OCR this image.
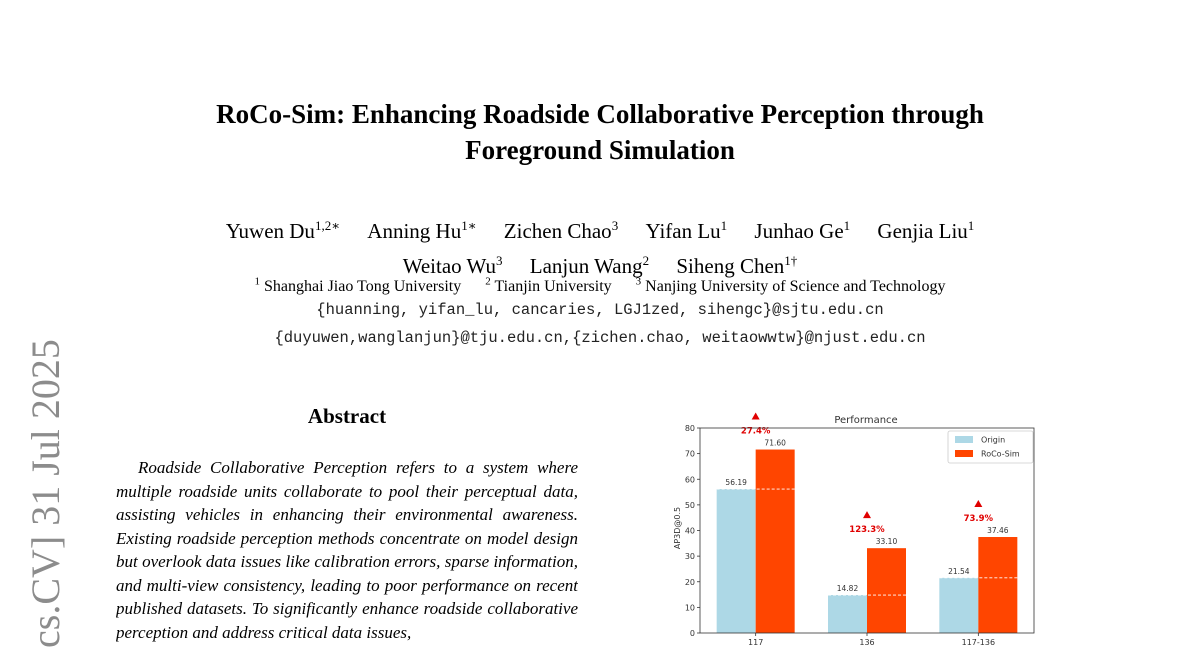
cs.CV] 31 Jul 2025
RoCo-Sim: Enhancing Roadside Collaborative Perception through
Foreground Simulation
Yuwen $Du^{1,2∗}$ Anning $Hu^{1∗}$ Zichen Chao$^3$ Yifan Lu$^1$ Junhao Ge$^1$ Genjia Liu$^1$
Weitao Wu$^3$ Lanjun Wang$^2$ Siheng Chen$^{1\dagger}$
$^1$ Shanghai Jiao Tong University $^2$ Tianjin University $^3$ Nanjing University of Science and Technology
{huanning, yifan_lu, cancaries, LGJ1zed, sihengc}@sjtu.edu.cn
{duyuwen,wanglanjun}@tju.edu.cn,{zichen.chao, weitaowwtw}@njust.edu.cn
Abstract
Roadside Collaborative Perception refers to a system where multiple roadside units collaborate to pool their perceptual data, assisting vehicles in enhancing their environmental awareness. Existing roadside perception methods concentrate on model design but overlook data issues like calibration errors, sparse information, and multi-view consistency, leading to poor performance on recent published datasets. To significantly enhance roadside collaborative perception and address critical data issues,
Performance
AP3D@0.5
0
10
20
30
40
50
60
70
80
56.19
71.60
14.82
33.10
21.54
37.46
27.4%
123.3%
73.9%
117	136	117-136
Origin
RoCo-Sim
